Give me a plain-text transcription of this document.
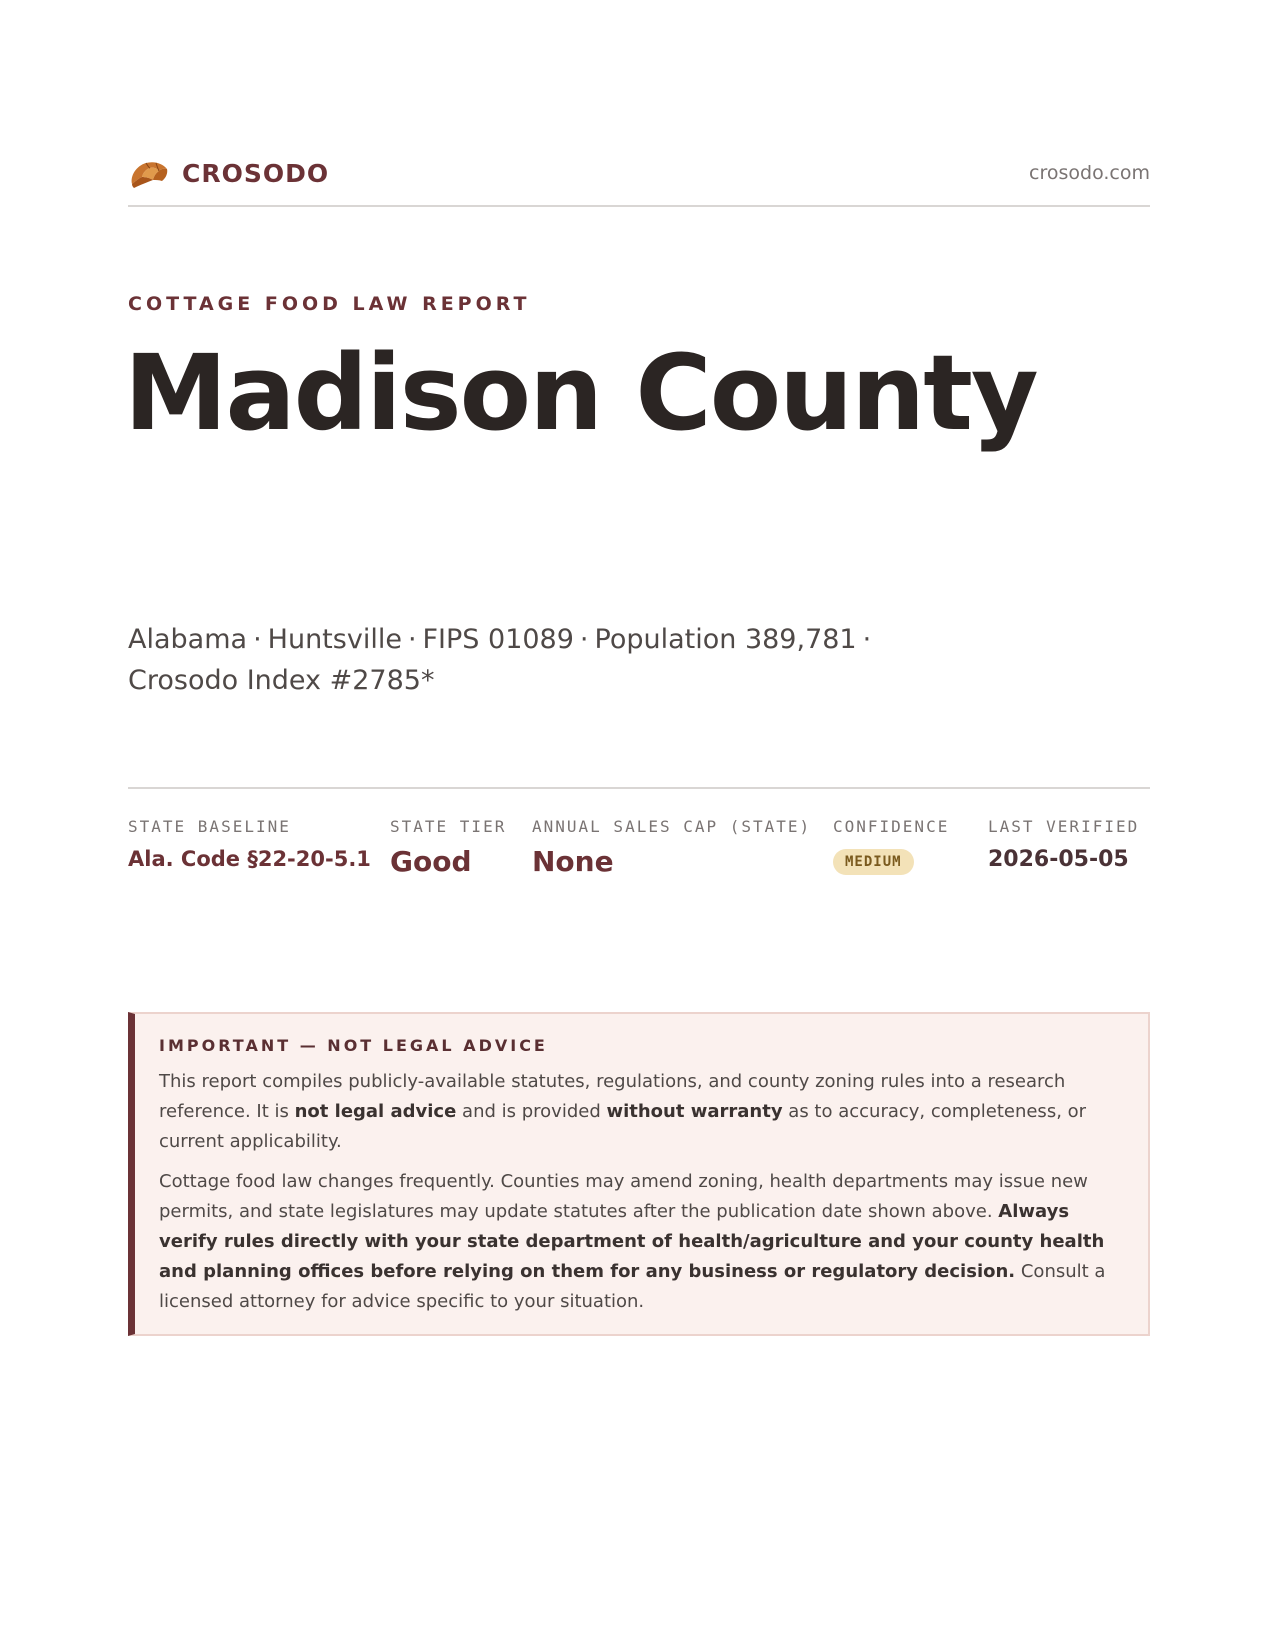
CROSODO	crosodo.com
COTTAGE FOOD LAW REPORT
Madison County
Alabama · Huntsville · FIPS 01089 · Population 389,781 ·
Crosodo Index #2785*
STATE BASELINE
Ala. Code §22-20-5.1
STATE TIER
Good
ANNUAL SALES CAP (STATE)
None
CONFIDENCE
MEDIUM
LAST VERIFIED
2026-05-05
IMPORTANT — NOT LEGAL ADVICE

This report compiles publicly-available statutes, regulations, and county zoning rules into a research reference. It is not legal advice and is provided without warranty as to accuracy, completeness, or current applicability.

Cottage food law changes frequently. Counties may amend zoning, health departments may issue new permits, and state legislatures may update statutes after the publication date shown above. Always verify rules directly with your state department of health/agriculture and your county health and planning offices before relying on them for any business or regulatory decision. Consult a licensed attorney for advice specific to your situation.
